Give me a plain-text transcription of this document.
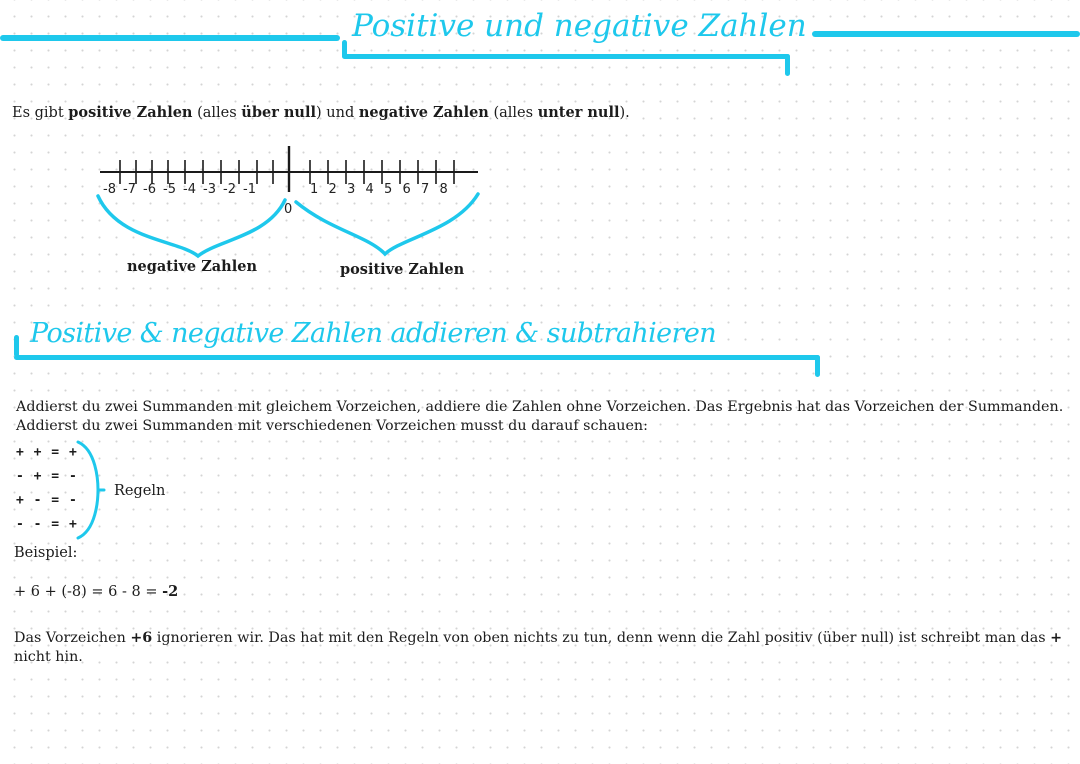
Positive und negative Zahlen
Es gibt positive Zahlen (alles über null) und negative Zahlen (alles unter null).
-8 -7 -6 -5 -4 -3 -2 -1	1 2 3 4 5 6 7 8
0
negative Zahlen	positive Zahlen
Positive & negative Zahlen addieren & subtrahieren
Addierst du zwei Summanden mit gleichem Vorzeichen, addiere die Zahlen ohne Vorzeichen. Das Ergebnis hat das Vorzeichen der Summanden. Addierst du zwei Summanden mit verschiedenen Vorzeichen musst du darauf schauen:
+ + = +
- + = -
+ - = -
- - = +
Regeln
Beispiel:
+ 6 + (-8) = 6 - 8 = -2
Das Vorzeichen +6 ignorieren wir. Das hat mit den Regeln von oben nichts zu tun, denn wenn die Zahl positiv (über null) ist schreibt man das + nicht hin.
